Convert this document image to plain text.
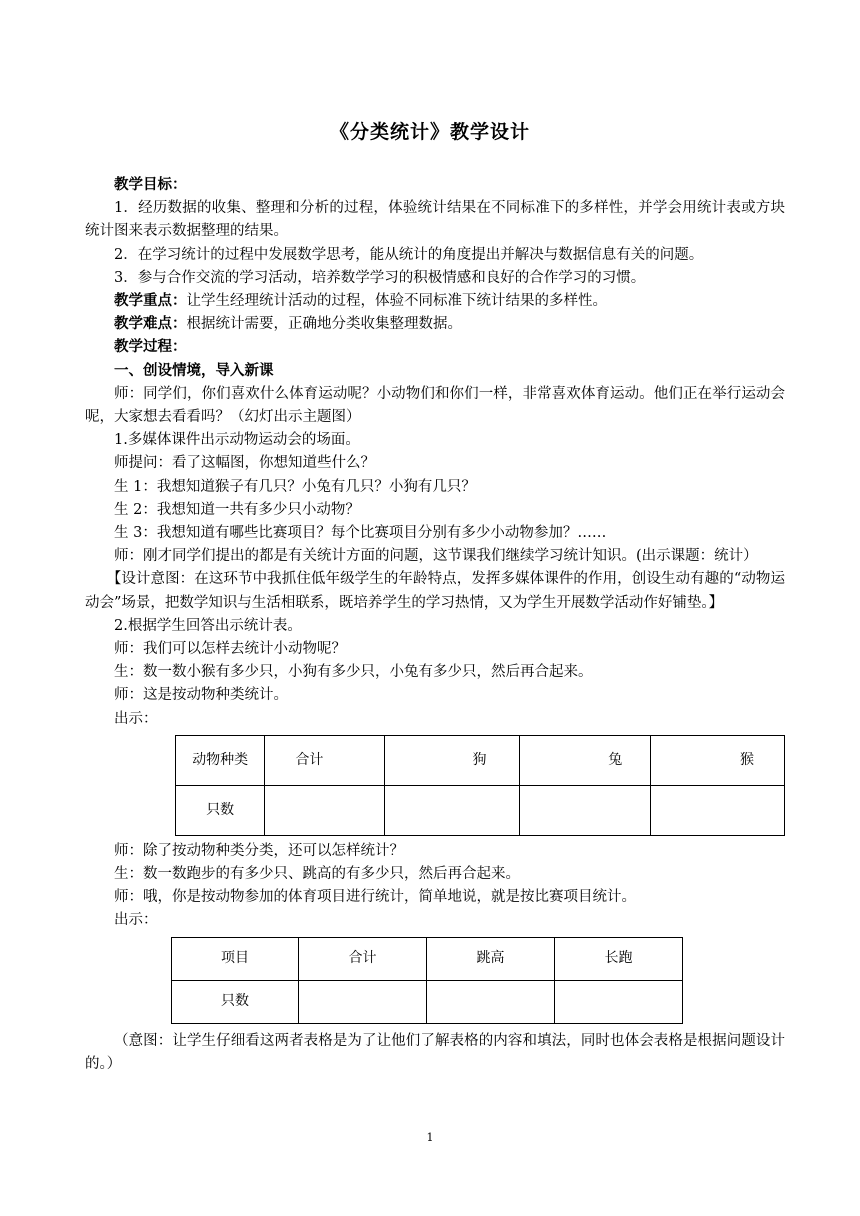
《分类统计》教学设计

教学目标：

1．经历数据的收集、整理和分析的过程，体验统计结果在不同标准下的多样性，并学会用统计表或方块统计图来表示数据整理的结果。

2．在学习统计的过程中发展数学思考，能从统计的角度提出并解决与数据信息有关的问题。

3．参与合作交流的学习活动，培养数学学习的积极情感和良好的合作学习的习惯。

教学重点：让学生经理统计活动的过程，体验不同标准下统计结果的多样性。

教学难点：根据统计需要，正确地分类收集整理数据。

教学过程：

一、创设情境，导入新课

师：同学们，你们喜欢什么体育运动呢？小动物们和你们一样，非常喜欢体育运动。他们正在举行运动会呢，大家想去看看吗？（幻灯出示主题图）

1.多媒体课件出示动物运动会的场面。

师提问：看了这幅图，你想知道些什么？

生 1：我想知道猴子有几只？小兔有几只？小狗有几只？

生 2：我想知道一共有多少只小动物？

生 3：我想知道有哪些比赛项目？每个比赛项目分别有多少小动物参加？……

师：刚才同学们提出的都是有关统计方面的问题，这节课我们继续学习统计知识。(出示课题：统计）

【设计意图：在这环节中我抓住低年级学生的年龄特点，发挥多媒体课件的作用，创设生动有趣的“动物运动会”场景，把数学知识与生活相联系，既培养学生的学习热情，又为学生开展数学活动作好铺垫。】

2.根据学生回答出示统计表。

师：我们可以怎样去统计小动物呢？

生：数一数小猴有多少只，小狗有多少只，小兔有多少只，然后再合起来。

师：这是按动物种类统计。

出示：

动物种类	合计	狗	兔	猴
只数				

师：除了按动物种类分类，还可以怎样统计？

生：数一数跑步的有多少只、跳高的有多少只，然后再合起来。

师：哦，你是按动物参加的体育项目进行统计，简单地说，就是按比赛项目统计。

出示：

项目	合计	跳高	长跑
只数			

（意图：让学生仔细看这两者表格是为了让他们了解表格的内容和填法，同时也体会表格是根据问题设计的。）

1
